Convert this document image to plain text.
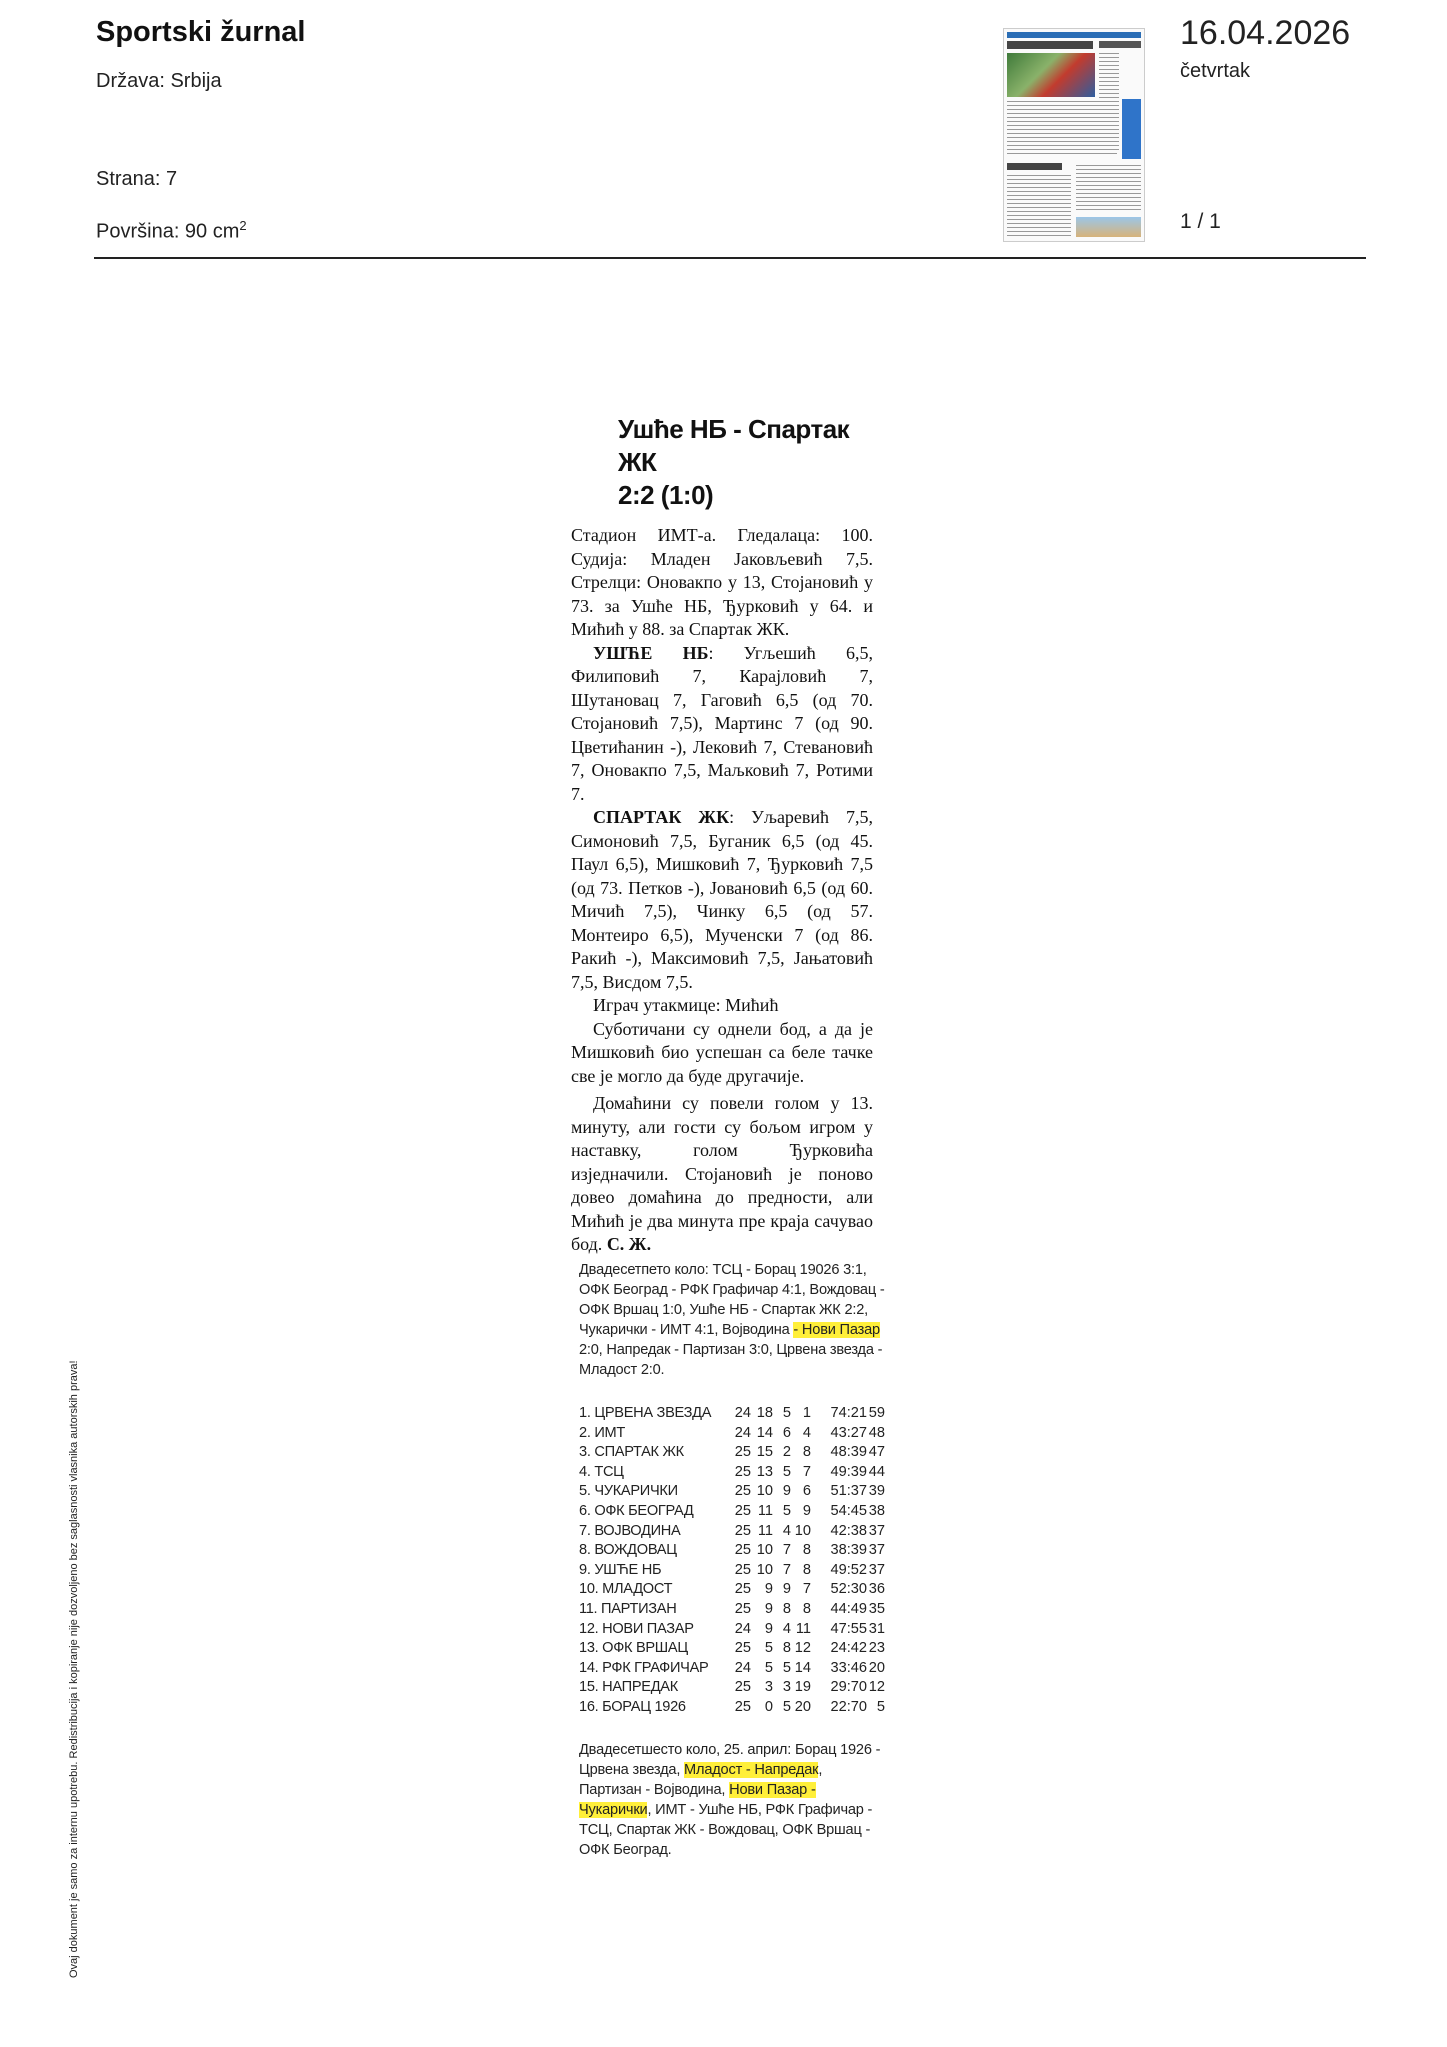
Sportski žurnal
Država: Srbija
Strana: 7
Površina: 90 $cm^2$
16.04.2026
četvrtak
1 / 1
Ovaj dokument je samo za internu upotrebu. Redistribucija i kopiranje nije dozvoljeno bez saglasnosti vlasnika autorskih prava!
Ушће НБ - Спартак ЖК
2:2 (1:0)

Стадион ИМТ-а. Гледалаца: 100. Судија: Младен Јаковљевић 7,5. Стрелци: Оновакпо у 13, Стојановић у 73. за Ушће НБ, Ђурковић у 64. и Мићић у 88. за Спартак ЖК.

УШЋЕ НБ: Угљешић 6,5, Филиповић 7, Карајловић 7, Шутановац 7, Гаговић 6,5 (од 70. Стојановић 7,5), Мартинс 7 (од 90. Цветићанин -), Лековић 7, Стевановић 7, Оновакпо 7,5, Маљковић 7, Ротими 7.

СПАРТАК ЖК: Уљаревић 7,5, Симоновић 7,5, Буганик 6,5 (од 45. Паул 6,5), Мишковић 7, Ђурковић 7,5 (од 73. Петков -), Јовановић 6,5 (од 60. Мичић 7,5), Чинку 6,5 (од 57. Монтеиро 6,5), Мученски 7 (од 86. Ракић -), Максимовић 7,5, Јањатовић 7,5, Висдом 7,5.

Играч утакмице: Мићић

Суботичани су однели бод, а да је Мишковић био успешан са беле тачке све је могло да буде другачије.

Домаћини су повели голом у 13. минуту, али гости су бољом игром у наставку, голом Ђурковића изједначили. Стојановић је поново довео домаћина до предности, али Мићић је два минута пре краја сачувао бод. С. Ж.

Двадесетпето коло: ТСЦ - Борац 19026 3:1, ОФК Београд - РФК Графичар 4:1, Вождовац - ОФК Вршац 1:0, Ушће НБ - Спартак ЖК 2:2, Чукарички - ИМТ 4:1, Војводина - Нови Пазар 2:0, Напредак - Партизан 3:0, Црвена звезда - Младост 2:0.

1. ЦРВЕНА ЗВЕЗДА	24	18	5	1	74:21	59
2. ИМТ	24	14	6	4	43:27	48
3. СПАРТАК ЖК	25	15	2	8	48:39	47
4. ТСЦ	25	13	5	7	49:39	44
5. ЧУКАРИЧКИ	25	10	9	6	51:37	39
6. ОФК БЕОГРАД	25	11	5	9	54:45	38
7. ВОЈВОДИНА	25	11	4	10	42:38	37
8. ВОЖДОВАЦ	25	10	7	8	38:39	37
9. УШЋЕ НБ	25	10	7	8	49:52	37
10. МЛАДОСТ	25	9	9	7	52:30	36
11. ПАРТИЗАН	25	9	8	8	44:49	35
12. НОВИ ПАЗАР	24	9	4	11	47:55	31
13. ОФК ВРШАЦ	25	5	8	12	24:42	23
14. РФК ГРАФИЧАР	24	5	5	14	33:46	20
15. НАПРЕДАК	25	3	3	19	29:70	12
16. БОРАЦ 1926	25	0	5	20	22:70	5

Двадесетшесто коло, 25. април: Борац 1926 - Црвена звезда, Младост - Напредак, Партизан - Војводина, Нови Пазар - Чукарички, ИМТ - Ушће НБ, РФК Графичар - ТСЦ, Спартак ЖК - Вождовац, ОФК Вршац - ОФК Београд.
